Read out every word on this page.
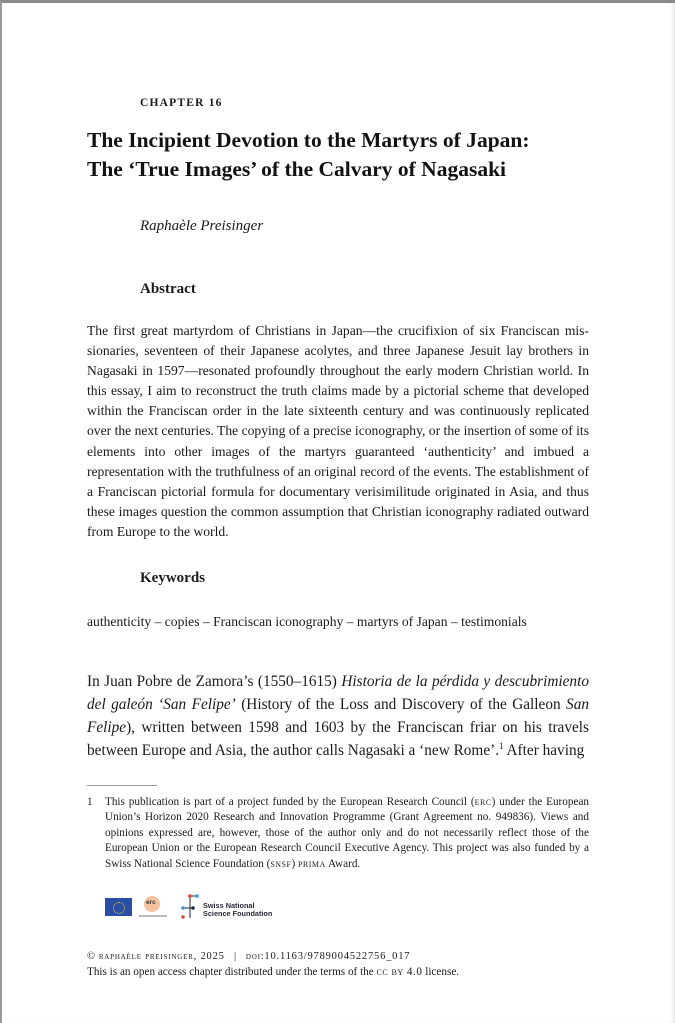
CHAPTER 16
The Incipient Devotion to the Martyrs of Japan:
The ‘True Images’ of the Calvary of Nagasaki
Raphaèle Preisinger
Abstract

The first great martyrdom of Christians in Japan—the crucifixion of six Franciscan missionaries, seventeen of their Japanese acolytes, and three Japanese Jesuit lay brothers in Nagasaki in 1597—resonated profoundly throughout the early modern Christian world. In this essay, I aim to reconstruct the truth claims made by a pictorial scheme that developed within the Franciscan order in the late sixteenth century and was continuously replicated over the next centuries. The copying of a precise iconography, or the insertion of some of its elements into other images of the martyrs guaranteed ‘authenticity’ and imbued a representation with the truthfulness of an original record of the events. The establishment of a Franciscan pictorial formula for documentary verisimilitude originated in Asia, and thus these images question the common assumption that Christian iconography radiated outward from Europe to the world.

Keywords
authenticity – copies – Franciscan iconography – martyrs of Japan – testimonials

In Juan Pobre de Zamora’s (1550–1615) Historia de la pérdida y descubrimiento del galeón ‘San Felipe’ (History of the Loss and Discovery of the Galleon San Felipe), written between 1598 and 1603 by the Franciscan friar on his travels between Europe and Asia, the author calls Nagasaki a ‘new Rome’.$^1$ After having

1 This publication is part of a project funded by the European Research Council (erc) under the European Union’s Horizon 2020 Research and Innovation Programme (Grant Agreement no. 949836). Views and opinions expressed are, however, those of the author only and do not necessarily reflect those of the European Union or the European Research Council Executive Agency. This project was also funded by a Swiss National Science Foundation (snsf) prima Award.
erc	Swiss National
Science Foundation
© raphaèle preisinger, 2025 | doi:10.1163/9789004522756_017
This is an open access chapter distributed under the terms of the cc by 4.0 license.
